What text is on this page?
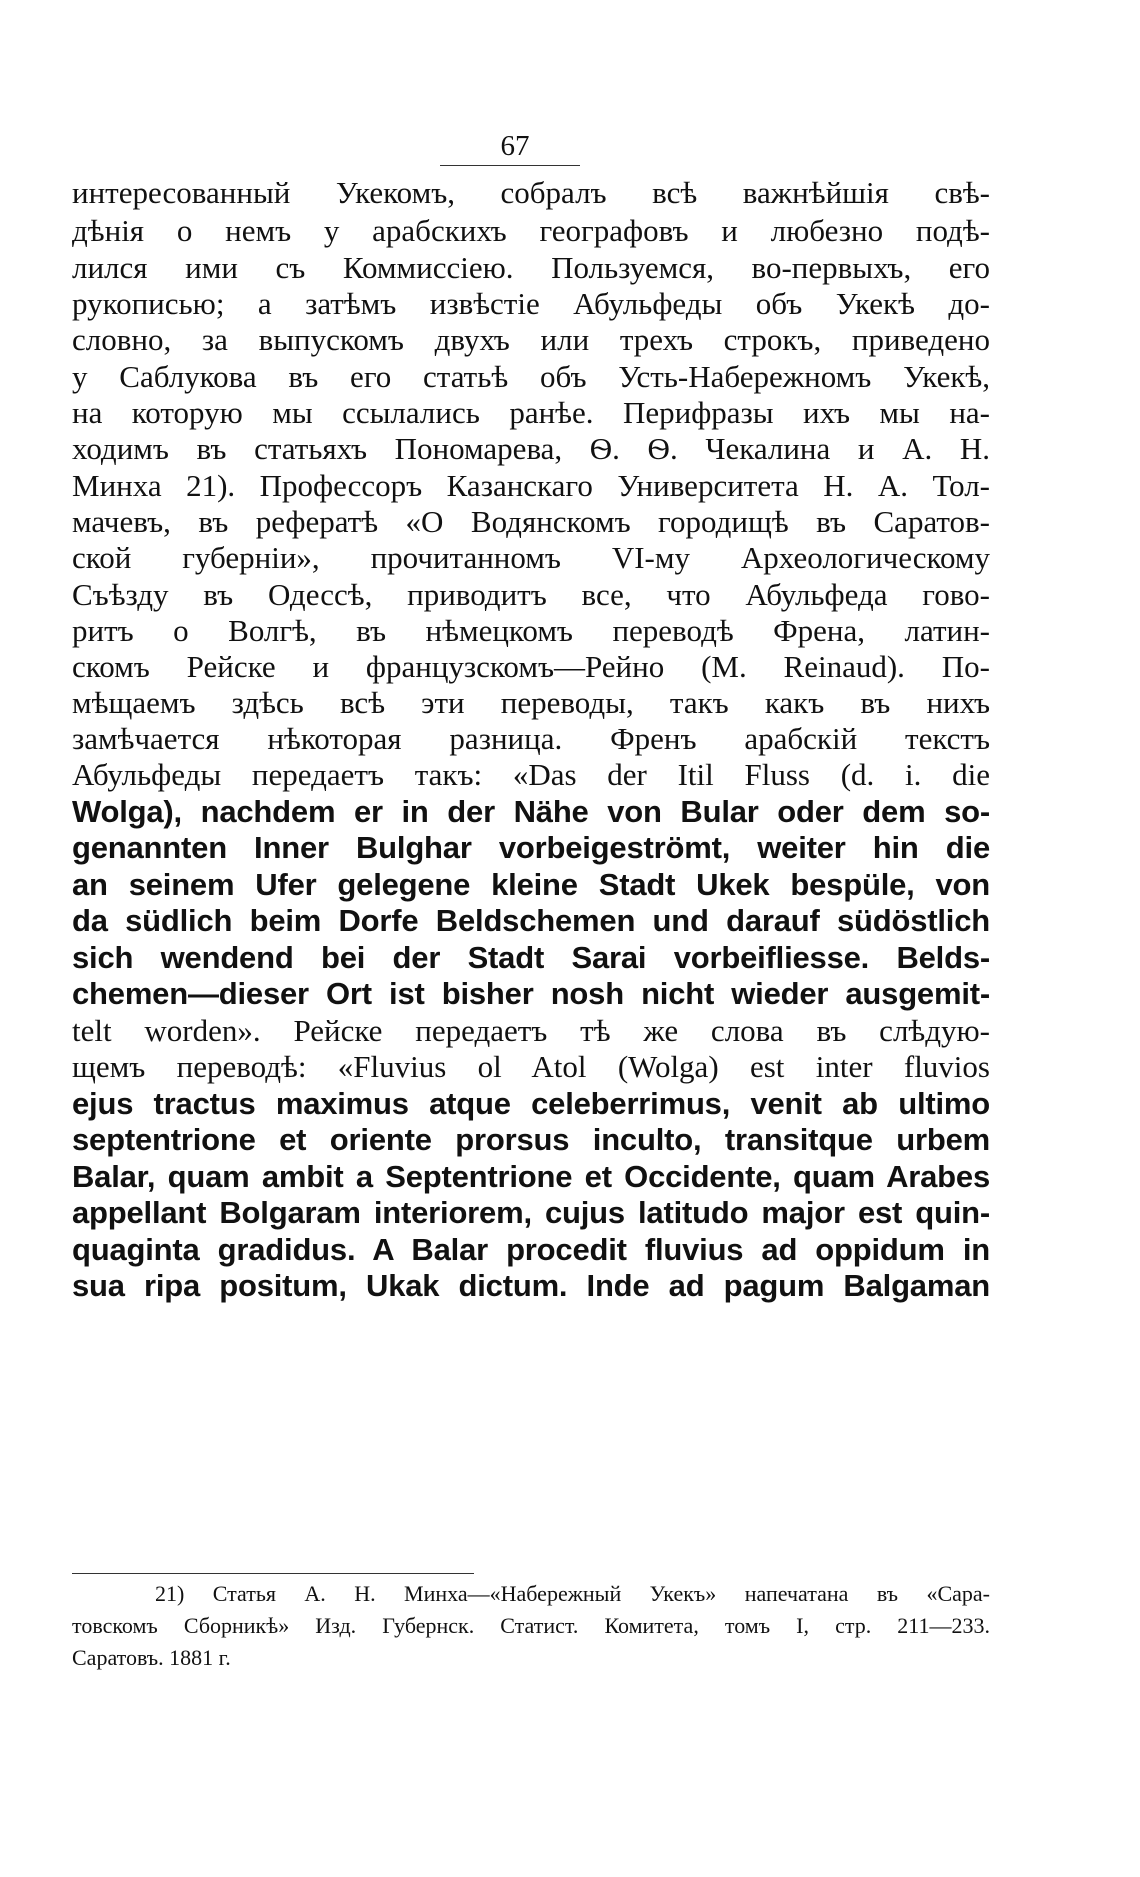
67
интересованный Укекомъ, собралъ всѣ важнѣйшія свѣ-
дѣнія о немъ у арабскихъ географовъ и любезно подѣ-
лился ими съ Коммиссіею. Пользуемся, во-первыхъ, его
рукописью; а затѣмъ извѣстіе Абульфеды объ Укекѣ до-
словно, за выпускомъ двухъ или трехъ строкъ, приведено
у Саблукова въ его статьѣ объ Усть-Набережномъ Укекѣ,
на которую мы ссылались ранѣе. Перифразы ихъ мы на-
ходимъ въ статьяхъ Пономарева, Ѳ. Ѳ. Чекалина и А. Н.
Минха 21). Профессоръ Казанскаго Университета Н. А. Тол-
мачевъ, въ рефератѣ «О Водянскомъ городищѣ въ Саратов-
ской губерніи», прочитанномъ VI-му Археологическому
Съѣзду въ Одессѣ, приводитъ все, что Абульфеда гово-
ритъ о Волгѣ, въ нѣмецкомъ переводѣ Френа, латин-
скомъ Рейске и французскомъ—Рейно (M. Reinaud). По-
мѣщаемъ здѣсь всѣ эти переводы, такъ какъ въ нихъ
замѣчается нѣкоторая разница. Френъ арабскій текстъ
Абульфеды передаетъ такъ: «Das der Itil Fluss (d. i. die
Wolga), nachdem er in der Nähe von Bular oder dem so-
genannten Inner Bulghar vorbeigeströmt, weiter hin die
an seinem Ufer gelegene kleine Stadt Ukek bespüle, von
da südlich beim Dorfe Beldschemen und darauf südöstlich
sich wendend bei der Stadt Sarai vorbeifliesse. Belds-
chemen—dieser Ort ist bisher nosh nicht wieder ausgemit-
telt worden». Рейске передаетъ тѣ же слова въ слѣдую-
щемъ переводѣ: «Fluvius ol Atol (Wolga) est inter fluvios
ejus tractus maximus atque celeberrimus, venit ab ultimo
septentrione et oriente prorsus inculto, transitque urbem
Balar, quam ambit a Septentrione et Occidente, quam Arabes
appellant Bolgaram interiorem, cujus latitudo major est quin-
quaginta gradidus. A Balar procedit fluvius ad oppidum in
sua ripa positum, Ukak dictum. Inde ad pagum Balgaman
21) Статья А. Н. Минха—«Набережный Укекъ» напечатана въ «Сара-
товскомъ Сборникѣ» Изд. Губернск. Статист. Комитета, томъ I, стр. 211—233.
Саратовъ. 1881 г.
